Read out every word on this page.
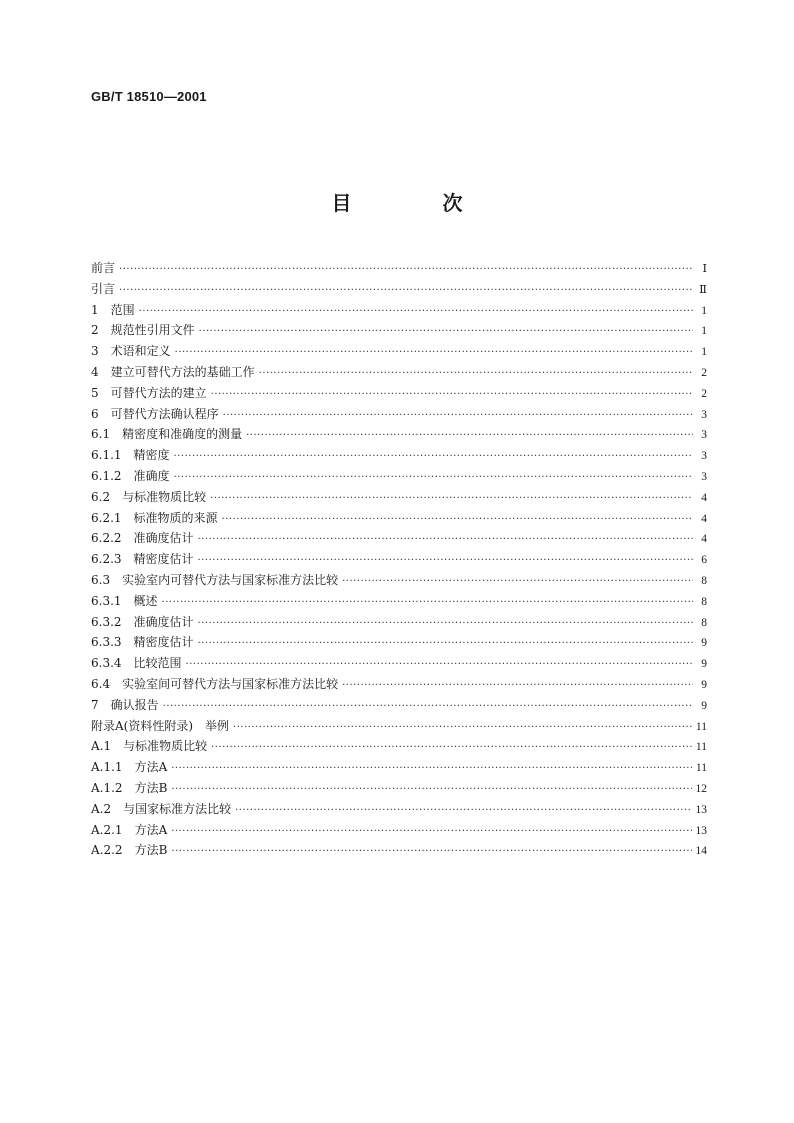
GB/T 18510—2001
目 次
前言 ·····	Ⅰ
引言 ·····	Ⅱ
1　范围 ·····	1
2　规范性引用文件 ·····	1
3　术语和定义 ·····	1
4　建立可替代方法的基础工作 ·····	2
5　可替代方法的建立 ·····	2
6　可替代方法确认程序 ·····	3
6.1　精密度和准确度的测量 ·····	3
6.1.1　精密度 ·····	3
6.1.2　准确度 ·····	3
6.2　与标准物质比较 ·····	4
6.2.1　标准物质的来源 ·····	4
6.2.2　准确度估计 ·····	4
6.2.3　精密度估计 ·····	6
6.3　实验室内可替代方法与国家标准方法比较 ·····	8
6.3.1　概述 ·····	8
6.3.2　准确度估计 ·····	8
6.3.3　精密度估计 ·····	9
6.3.4　比较范围 ·····	9
6.4　实验室间可替代方法与国家标准方法比较 ·····	9
7　确认报告 ·····	9
附录A(资料性附录)　举例 ·····	11
A.1　与标准物质比较 ·····	11
A.1.1　方法A ·····	11
A.1.2　方法B ·····	12
A.2　与国家标准方法比较 ·····	13
A.2.1　方法A ·····	13
A.2.2　方法B ·····	14
